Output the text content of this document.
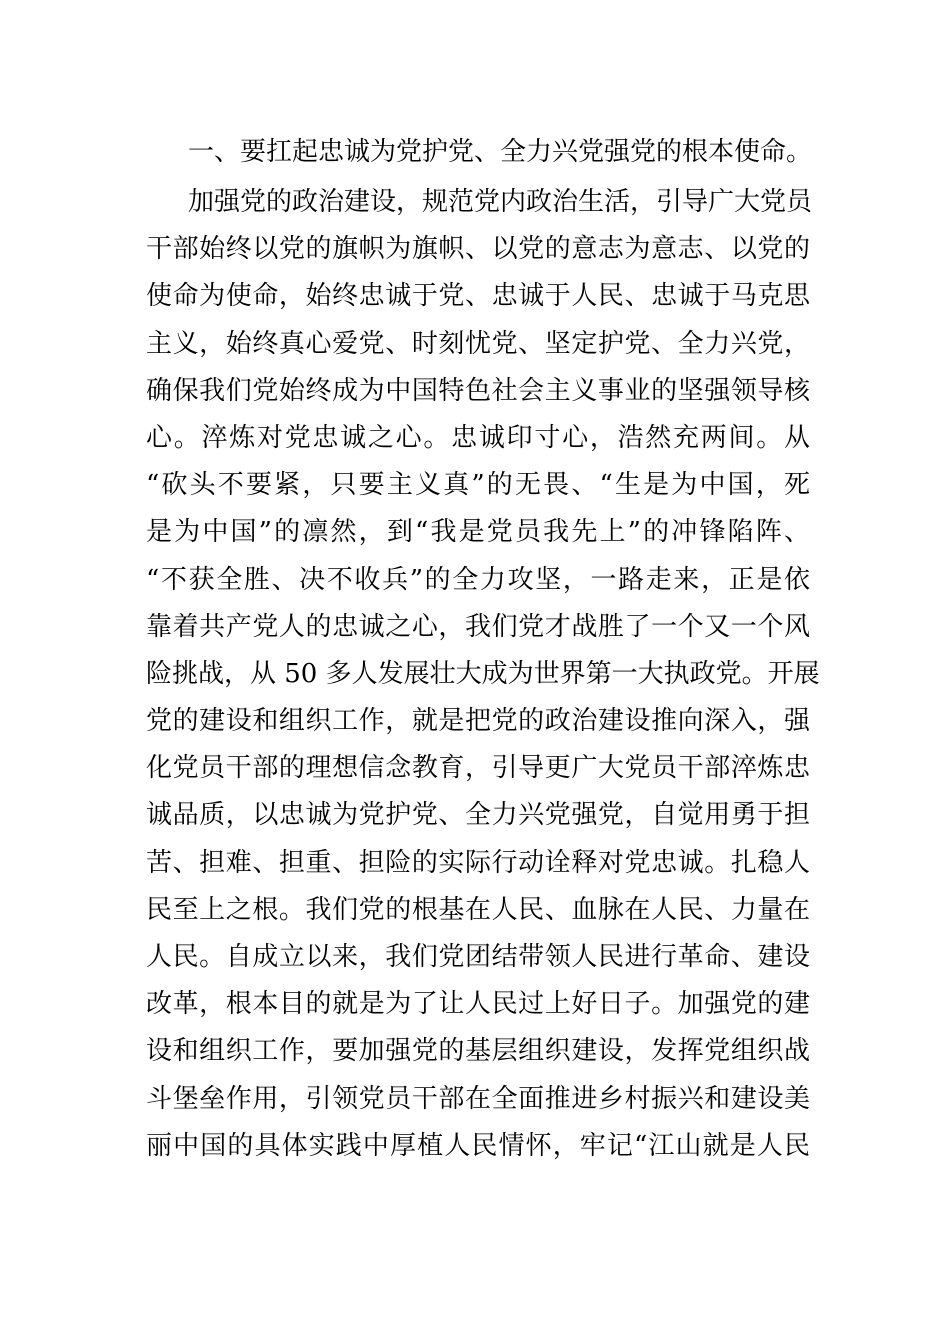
一、要扛起忠诚为党护党、全力兴党强党的根本使命。

加强党的政治建设，规范党内政治生活，引导广大党员

干部始终以党的旗帜为旗帜、以党的意志为意志、以党的

使命为使命，始终忠诚于党、忠诚于人民、忠诚于马克思

主义，始终真心爱党、时刻忧党、坚定护党、全力兴党，

确保我们党始终成为中国特色社会主义事业的坚强领导核

心。淬炼对党忠诚之心。忠诚印寸心，浩然充两间。从

“砍头不要紧，只要主义真”的无畏、“生是为中国，死

是为中国”的凛然，到“我是党员我先上”的冲锋陷阵、

“不获全胜、决不收兵”的全力攻坚，一路走来，正是依

靠着共产党人的忠诚之心，我们党才战胜了一个又一个风

险挑战，从 50 多人发展壮大成为世界第一大执政党。开展

党的建设和组织工作，就是把党的政治建设推向深入，强

化党员干部的理想信念教育，引导更广大党员干部淬炼忠

诚品质，以忠诚为党护党、全力兴党强党，自觉用勇于担

苦、担难、担重、担险的实际行动诠释对党忠诚。扎稳人

民至上之根。我们党的根基在人民、血脉在人民、力量在

人民。自成立以来，我们党团结带领人民进行革命、建设

改革，根本目的就是为了让人民过上好日子。加强党的建

设和组织工作，要加强党的基层组织建设，发挥党组织战

斗堡垒作用，引领党员干部在全面推进乡村振兴和建设美

丽中国的具体实践中厚植人民情怀，牢记“江山就是人民
